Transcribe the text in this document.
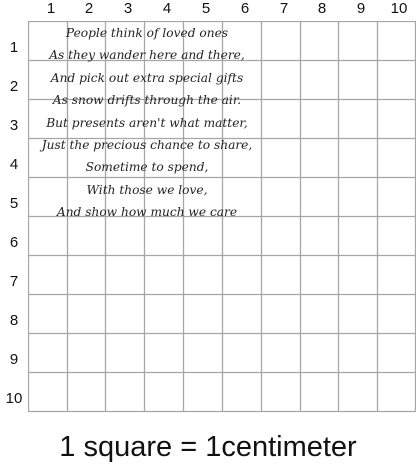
1	2	3	4	5	6	7	8	9	10
1
2
3
4
5
6
7
8
9
10
People think of loved ones
As they wander here and there,
And pick out extra special gifts
As snow drifts through the air.
But presents aren't what matter,
Just the precious chance to share,
Sometime to spend,
With those we love,
And show how much we care
1 square = 1centimeter
